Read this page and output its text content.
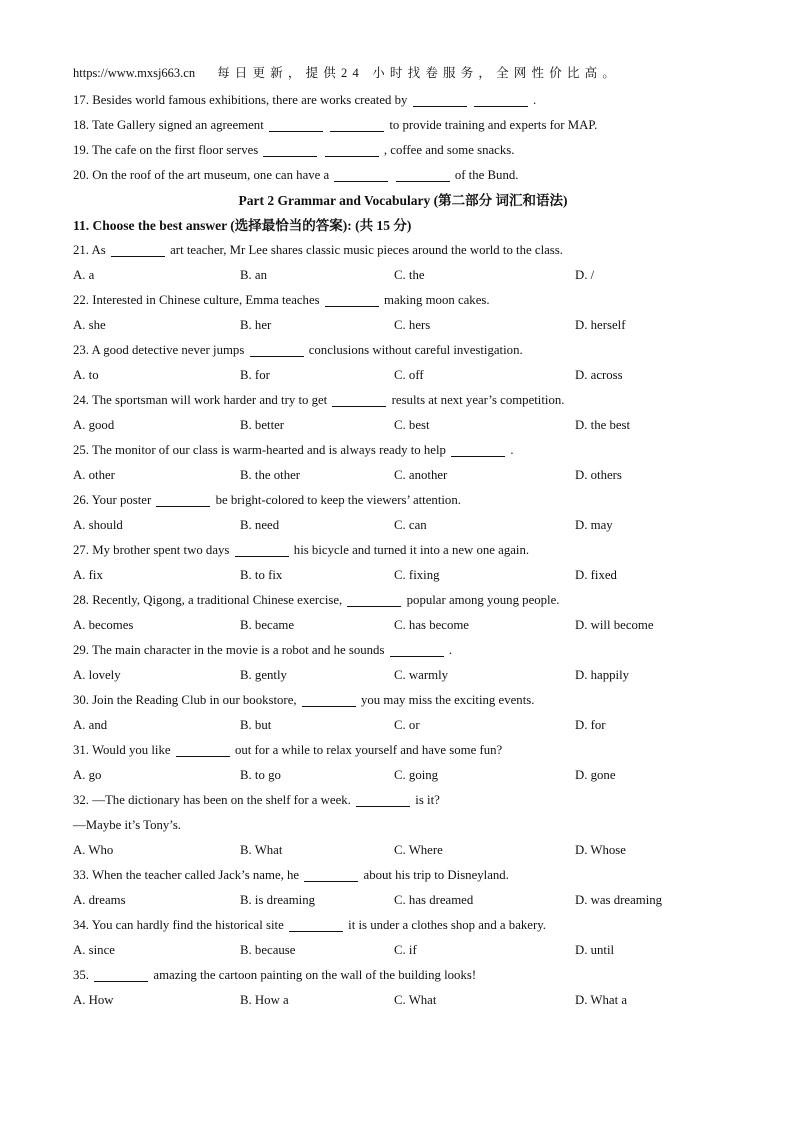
https://www.mxsj663.cn 每日更新，提供24 小时找卷服务，全网性价比高。
17. Besides world famous exhibitions, there are works created by	.
18. Tate Gallery signed an agreement	to provide training and experts for MAP.
19. The cafe on the first floor serves	, coffee and some snacks.
20. On the roof of the art museum, one can have a	of the Bund.
Part 2 Grammar and Vocabulary (第二部分 词汇和语法)
11. Choose the best answer (选择最恰当的答案): (共 15 分)
21. As	art teacher, Mr Lee shares classic music pieces around the world to the class.
A. a	B. an	C. the	D. /
22. Interested in Chinese culture, Emma teaches	making moon cakes.
A. she	B. her	C. hers	D. herself
23. A good detective never jumps	conclusions without careful investigation.
A. to	B. for	C. off	D. across
24. The sportsman will work harder and try to get	results at next year’s competition.
A. good	B. better	C. best	D. the best
25. The monitor of our class is warm-hearted and is always ready to help	.
A. other	B. the other	C. another	D. others
26. Your poster	be bright-colored to keep the viewers’ attention.
A. should	B. need	C. can	D. may
27. My brother spent two days	his bicycle and turned it into a new one again.
A. fix	B. to fix	C. fixing	D. fixed
28. Recently, Qigong, a traditional Chinese exercise,	popular among young people.
A. becomes	B. became	C. has become	D. will become
29. The main character in the movie is a robot and he sounds	.
A. lovely	B. gently	C. warmly	D. happily
30. Join the Reading Club in our bookstore,	you may miss the exciting events.
A. and	B. but	C. or	D. for
31. Would you like	out for a while to relax yourself and have some fun?
A. go	B. to go	C. going	D. gone
32. —The dictionary has been on the shelf for a week.	is it?
—Maybe it’s Tony’s.
A. Who	B. What	C. Where	D. Whose
33. When the teacher called Jack’s name, he	about his trip to Disneyland.
A. dreams	B. is dreaming	C. has dreamed	D. was dreaming
34. You can hardly find the historical site	it is under a clothes shop and a bakery.
A. since	B. because	C. if	D. until
35.	amazing the cartoon painting on the wall of the building looks!
A. How	B. How a	C. What	D. What a
